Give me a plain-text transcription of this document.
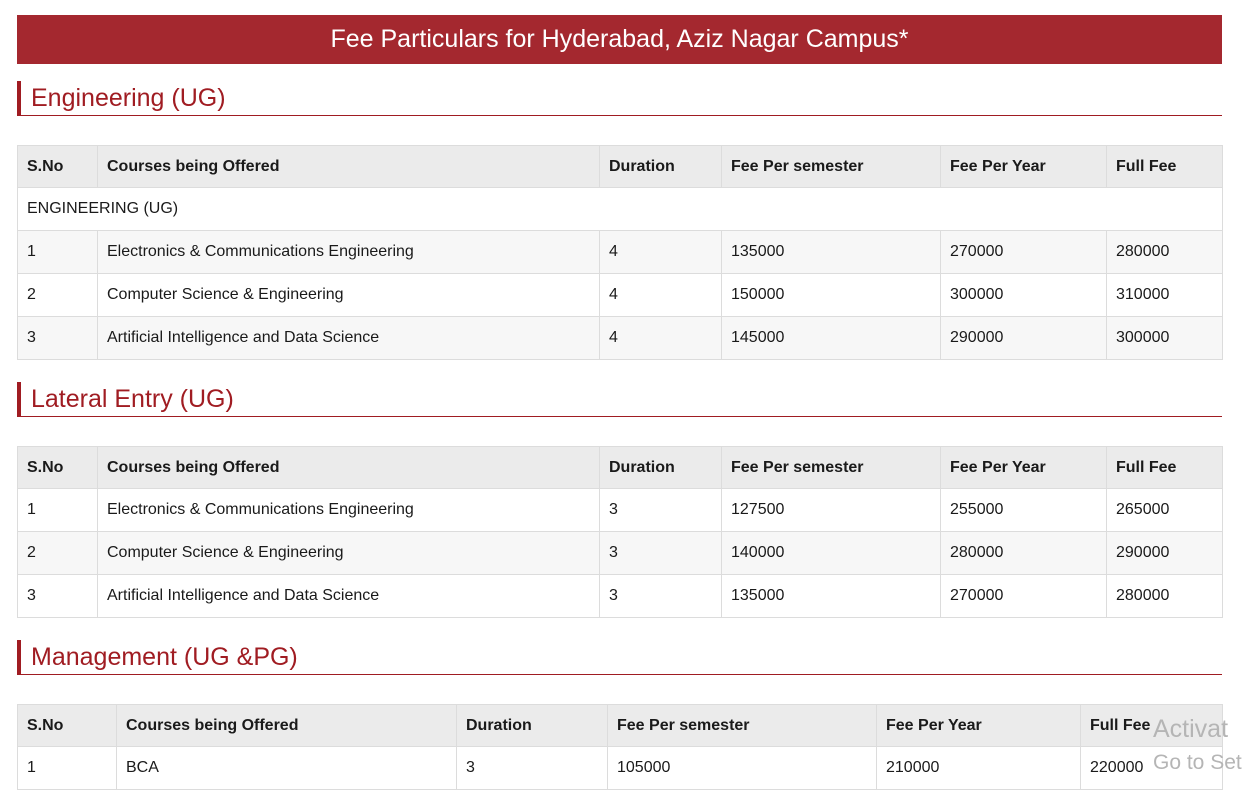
Fee Particulars for Hyderabad, Aziz Nagar Campus*
Engineering (UG)
S.No	Courses being Offered	Duration	Fee Per semester	Fee Per Year	Full Fee
ENGINEERING (UG)					
1	Electronics & Communications Engineering	4	135000	270000	280000
2	Computer Science & Engineering	4	150000	300000	310000
3	Artificial Intelligence and Data Science	4	145000	290000	300000
Lateral Entry (UG)
S.No	Courses being Offered	Duration	Fee Per semester	Fee Per Year	Full Fee
1	Electronics & Communications Engineering	3	127500	255000	265000
2	Computer Science & Engineering	3	140000	280000	290000
3	Artificial Intelligence and Data Science	3	135000	270000	280000
Management (UG &PG)
S.No	Courses being Offered	Duration	Fee Per semester	Fee Per Year	Full Fee
1	BCA	3	105000	210000	220000
Activat
Go to Set
